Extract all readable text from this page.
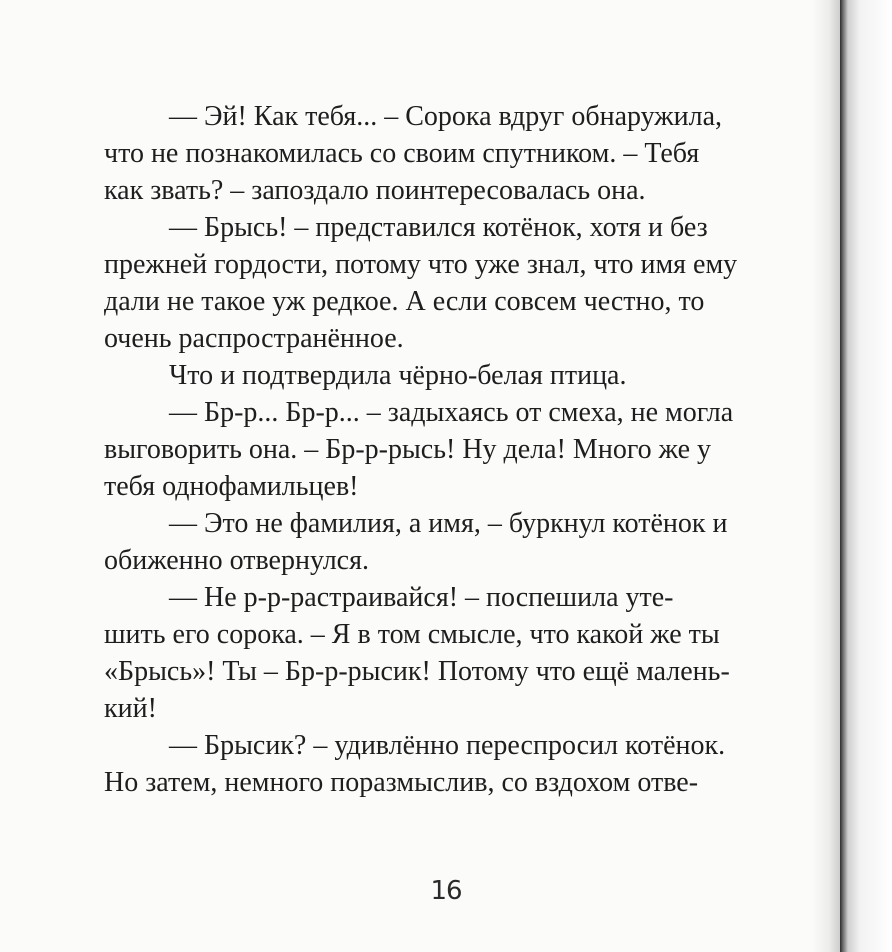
— Эй! Как тебя... – Сорока вдруг обнаружила,
что не познакомилась со своим спутником. – Тебя
как звать? – запоздало поинтересовалась она.
— Брысь! – представился котёнок, хотя и без
прежней гордости, потому что уже знал, что имя ему
дали не такое уж редкое. А если совсем честно, то
очень распространённое.
Что и подтвердила чёрно-белая птица.
— Бр-р... Бр-р... – задыхаясь от смеха, не могла
выговорить она. – Бр-р-рысь! Ну дела! Много же у
тебя однофамильцев!
— Это не фамилия, а имя, – буркнул котёнок и
обиженно отвернулся.
— Не р-р-растраивайся! – поспешила уте-
шить его сорока. – Я в том смысле, что какой же ты
«Брысь»! Ты – Бр-р-рысик! Потому что ещё малень-
кий!
— Брысик? – удивлённо переспросил котёнок.
Но затем, немного поразмыслив, со вздохом отве-
16
